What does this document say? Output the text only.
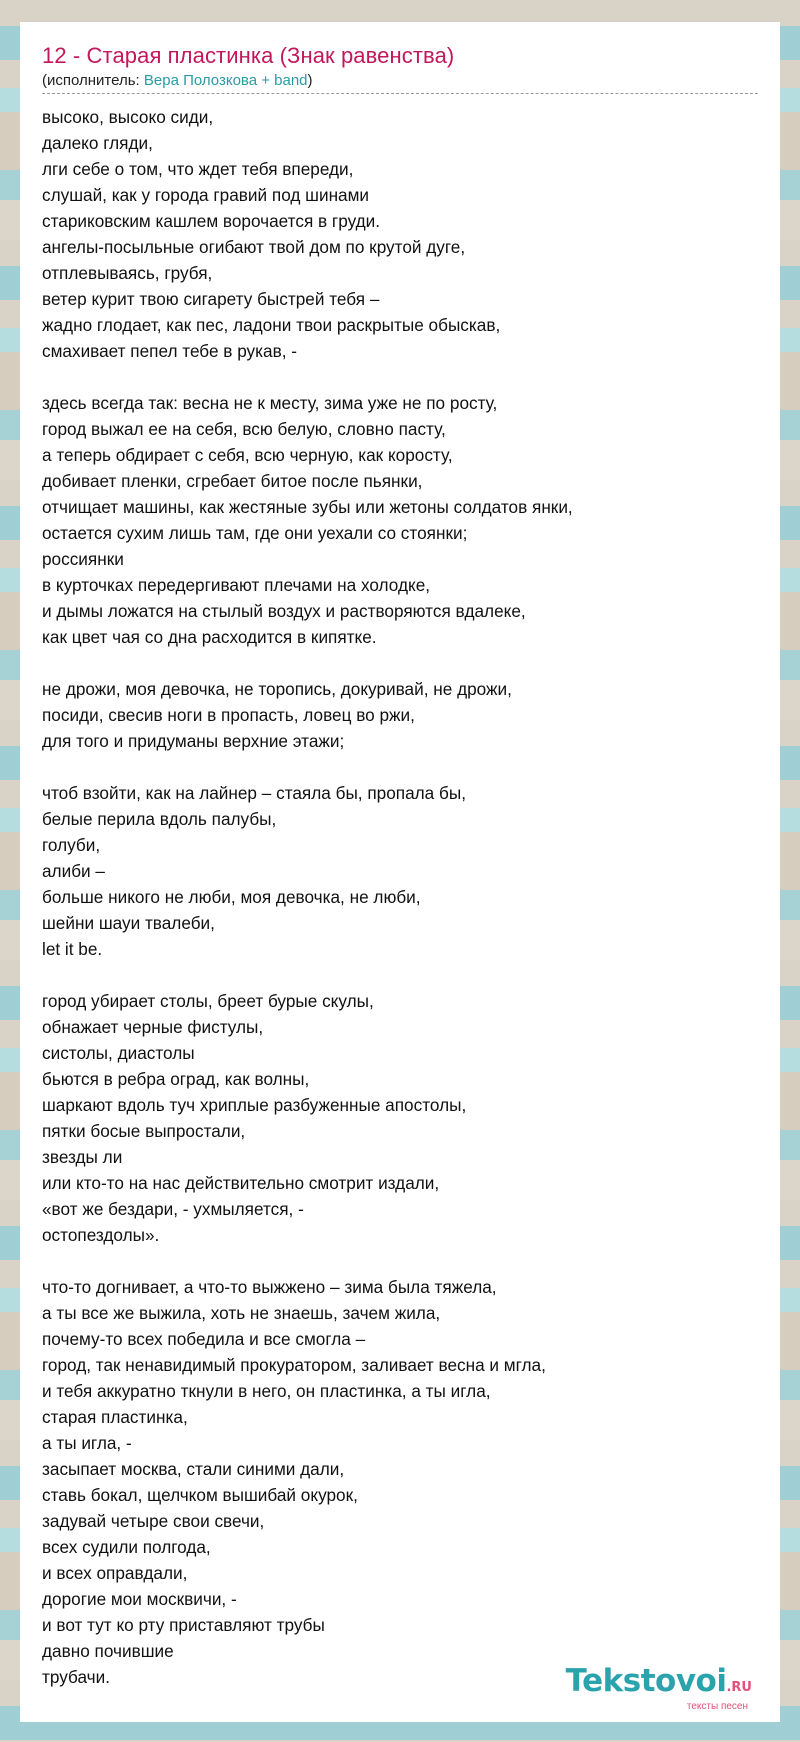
12 - Старая пластинка (Знак равенства)
(исполнитель: Вера Полозкова + band)
высоко, высоко сиди,
далеко гляди,
лги себе о том, что ждет тебя впереди,
слушай, как у города гравий под шинами
стариковским кашлем ворочается в груди.
ангелы-посыльные огибают твой дом по крутой дуге,
отплевываясь, грубя,
ветер курит твою сигарету быстрей тебя –
жадно глодает, как пес, ладони твои раскрытые обыскав,
смахивает пепел тебе в рукав, -
здесь всегда так: весна не к месту, зима уже не по росту,
город выжал ее на себя, всю белую, словно пасту,
а теперь обдирает с себя, всю черную, как коросту,
добивает пленки, сгребает битое после пьянки,
отчищает машины, как жестяные зубы или жетоны солдатов янки,
остается сухим лишь там, где они уехали со стоянки;
россиянки
в курточках передергивают плечами на холодке,
и дымы ложатся на стылый воздух и растворяются вдалеке,
как цвет чая со дна расходится в кипятке.
не дрожи, моя девочка, не торопись, докуривай, не дрожи,
посиди, свесив ноги в пропасть, ловец во ржи,
для того и придуманы верхние этажи;
чтоб взойти, как на лайнер – стаяла бы, пропала бы,
белые перила вдоль палубы,
голуби,
алиби –
больше никого не люби, моя девочка, не люби,
шейни шауи твалеби,
let it be.
город убирает столы, бреет бурые скулы,
обнажает черные фистулы,
систолы, диастолы
бьются в ребра оград, как волны,
шаркают вдоль туч хриплые разбуженные апостолы,
пятки босые выпростали,
звезды ли
или кто-то на нас действительно смотрит издали,
«вот же бездари, - ухмыляется, -
остопездолы».
что-то догнивает, а что-то выжжено – зима была тяжела,
а ты все же выжила, хоть не знаешь, зачем жила,
почему-то всех победила и все смогла –
город, так ненавидимый прокуратором, заливает весна и мгла,
и тебя аккуратно ткнули в него, он пластинка, а ты игла,
старая пластинка,
а ты игла, -
засыпает москва, стали синими дали,
ставь бокал, щелчком вышибай окурок,
задувай четыре свои свечи,
всех судили полгода,
и всех оправдали,
дорогие мои москвичи, -
и вот тут ко рту приставляют трубы
давно почившие
трубачи.	Tekstovoi.RU
тексты песен
